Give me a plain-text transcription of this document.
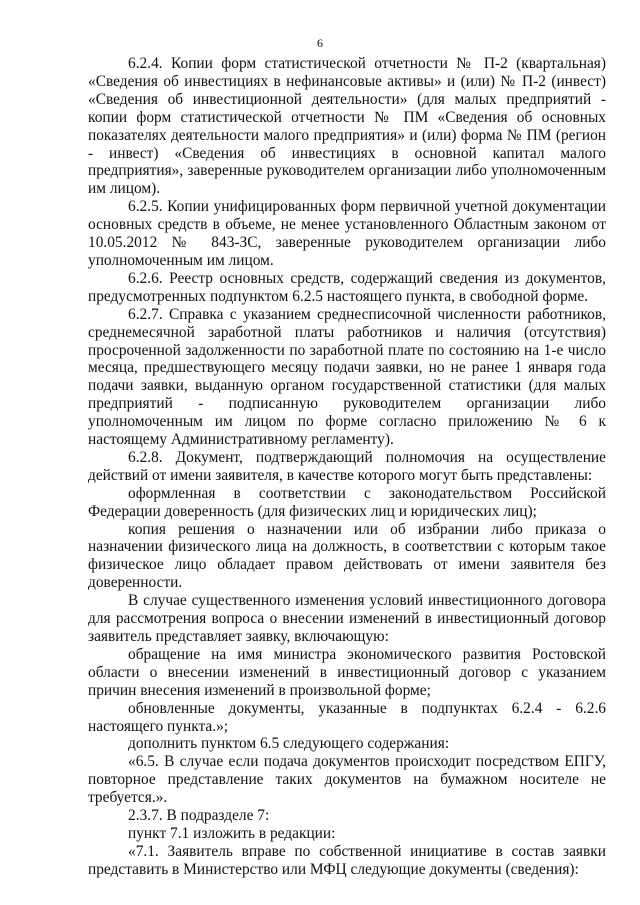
6

6.2.4. Копии форм статистической отчетности № П-2 (квартальная) «Сведения об инвестициях в нефинансовые активы» и (или) № П-2 (инвест) «Сведения об инвестиционной деятельности» (для малых предприятий - копии форм статистической отчетности № ПМ «Сведения об основных показателях деятельности малого предприятия» и (или) форма № ПМ (регион - инвест) «Сведения об инвестициях в основной капитал малого предприятия», заверенные руководителем организации либо уполномоченным им лицом).

6.2.5. Копии унифицированных форм первичной учетной документации основных средств в объеме, не менее установленного Областным законом от 10.05.2012 № 843-ЗС, заверенные руководителем организации либо уполномоченным им лицом.

6.2.6. Реестр основных средств, содержащий сведения из документов, предусмотренных подпунктом 6.2.5 настоящего пункта, в свободной форме.

6.2.7. Справка с указанием среднесписочной численности работников, среднемесячной заработной платы работников и наличия (отсутствия) просроченной задолженности по заработной плате по состоянию на 1-е число месяца, предшествующего месяцу подачи заявки, но не ранее 1 января года подачи заявки, выданную органом государственной статистики (для малых предприятий - подписанную руководителем организации либо уполномоченным им лицом по форме согласно приложению № 6 к настоящему Административному регламенту).

6.2.8. Документ, подтверждающий полномочия на осуществление действий от имени заявителя, в качестве которого могут быть представлены:

оформленная в соответствии с законодательством Российской Федерации доверенность (для физических лиц и юридических лиц);

копия решения о назначении или об избрании либо приказа о назначении физического лица на должность, в соответствии с которым такое физическое лицо обладает правом действовать от имени заявителя без доверенности.

В случае существенного изменения условий инвестиционного договора для рассмотрения вопроса о внесении изменений в инвестиционный договор заявитель представляет заявку, включающую:

обращение на имя министра экономического развития Ростовской области о внесении изменений в инвестиционный договор с указанием причин внесения изменений в произвольной форме;

обновленные документы, указанные в подпунктах 6.2.4 - 6.2.6 настоящего пункта.»;

дополнить пунктом 6.5 следующего содержания:

«6.5. В случае если подача документов происходит посредством ЕПГУ, повторное представление таких документов на бумажном носителе не требуется.».

2.3.7. В подразделе 7:

пункт 7.1 изложить в редакции:

«7.1. Заявитель вправе по собственной инициативе в состав заявки представить в Министерство или МФЦ следующие документы (сведения):
